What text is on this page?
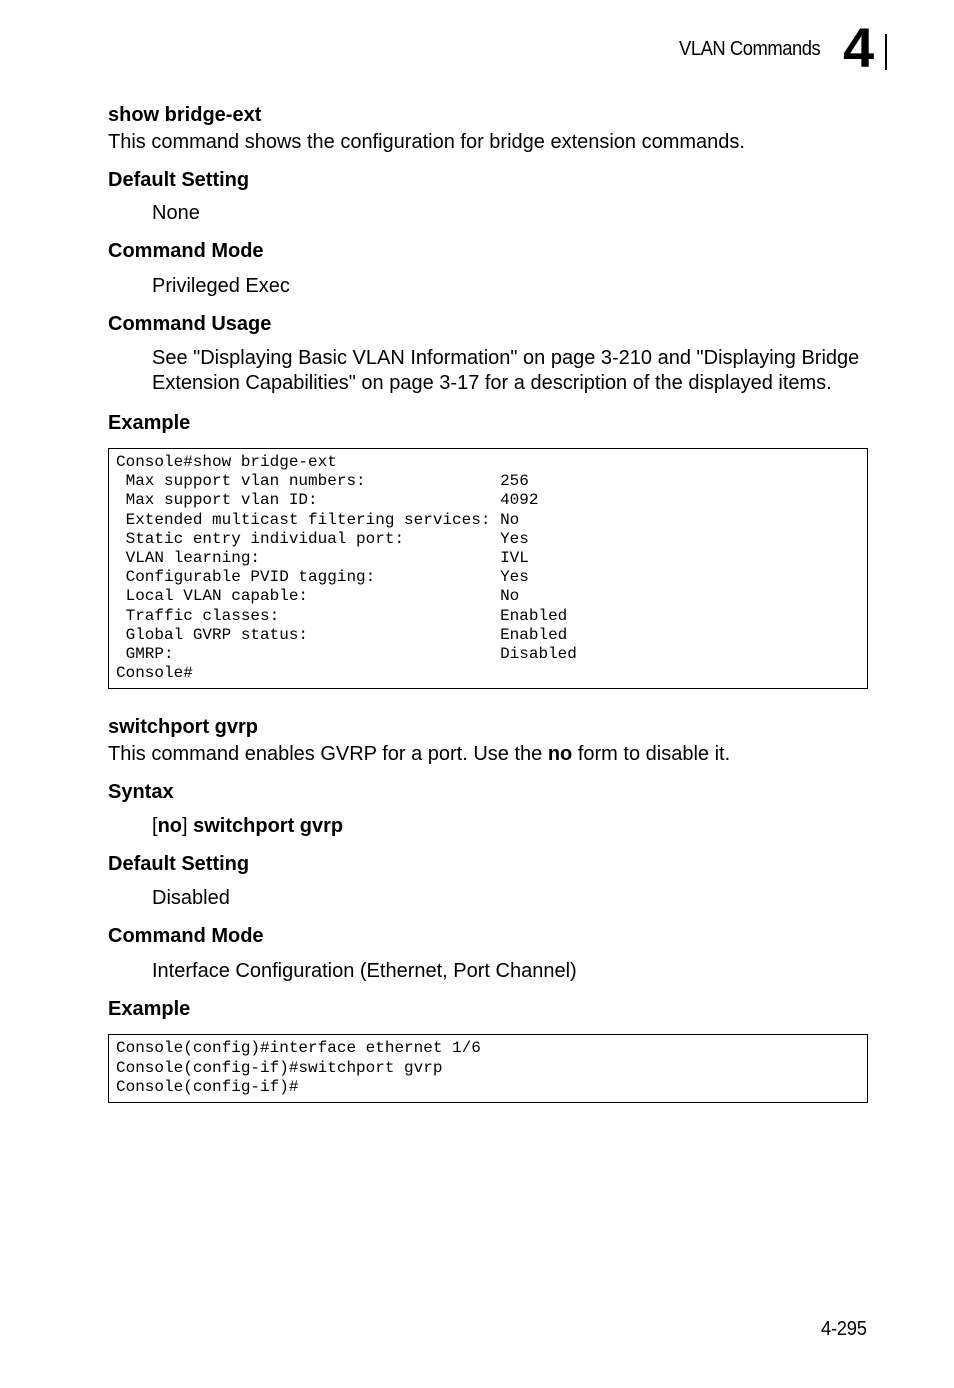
VLAN Commands 4
show bridge-ext

This command shows the configuration for bridge extension commands.

Default Setting
None
Command Mode
Privileged Exec
Command Usage
See "Displaying Basic VLAN Information" on page 3-210 and "Displaying Bridge Extension Capabilities" on page 3-17 for a description of the displayed items.
Example
Console#show bridge-ext
Max support vlan numbers:              256
Max support vlan ID:                   4092
Extended multicast filtering services: No
Static entry individual port:          Yes
VLAN learning:                         IVL
Configurable PVID tagging:             Yes
Local VLAN capable:                    No
Traffic classes:                       Enabled
Global GVRP status:                    Enabled
GMRP:                                  Disabled
Console#
switchport gvrp

This command enables GVRP for a port. Use the no form to disable it.

Syntax
[no] switchport gvrp
Default Setting
Disabled
Command Mode
Interface Configuration (Ethernet, Port Channel)
Example
Console(config)#interface ethernet 1/6
Console(config-if)#switchport gvrp
Console(config-if)#
4-295
